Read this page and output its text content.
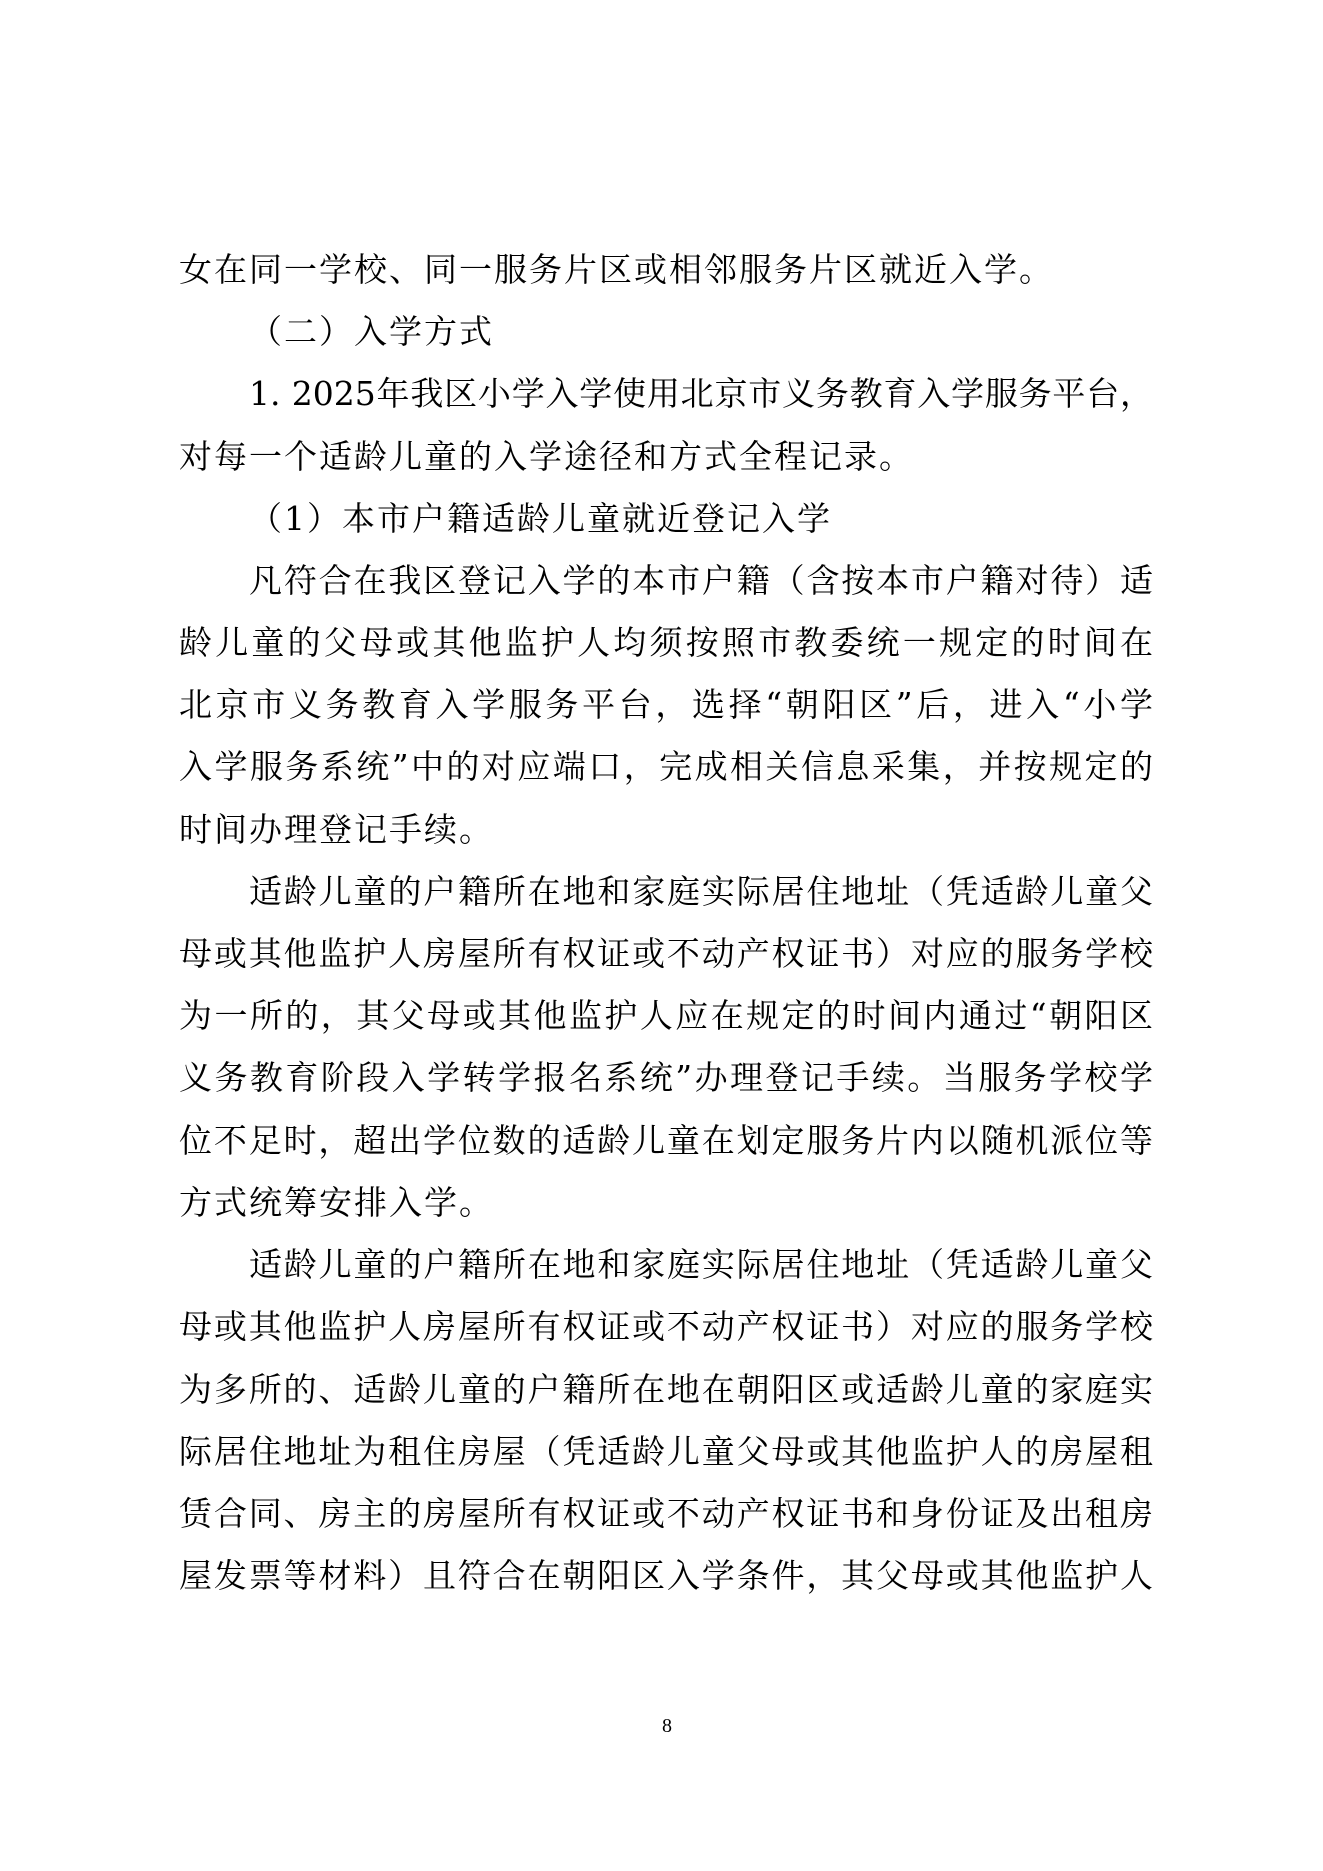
女在同一学校、同一服务片区或相邻服务片区就近入学。
（二）入学方式
1. 2025年我区小学入学使用北京市义务教育入学服务平台，
对每一个适龄儿童的入学途径和方式全程记录。
（1）本市户籍适龄儿童就近登记入学
凡符合在我区登记入学的本市户籍（含按本市户籍对待）适
龄儿童的父母或其他监护人均须按照市教委统一规定的时间在
北京市义务教育入学服务平台，选择“朝阳区”后，进入“小学
入学服务系统”中的对应端口，完成相关信息采集，并按规定的
时间办理登记手续。
适龄儿童的户籍所在地和家庭实际居住地址（凭适龄儿童父
母或其他监护人房屋所有权证或不动产权证书）对应的服务学校
为一所的，其父母或其他监护人应在规定的时间内通过“朝阳区
义务教育阶段入学转学报名系统”办理登记手续。当服务学校学
位不足时，超出学位数的适龄儿童在划定服务片内以随机派位等
方式统筹安排入学。
适龄儿童的户籍所在地和家庭实际居住地址（凭适龄儿童父
母或其他监护人房屋所有权证或不动产权证书）对应的服务学校
为多所的、适龄儿童的户籍所在地在朝阳区或适龄儿童的家庭实
际居住地址为租住房屋（凭适龄儿童父母或其他监护人的房屋租
赁合同、房主的房屋所有权证或不动产权证书和身份证及出租房
屋发票等材料）且符合在朝阳区入学条件，其父母或其他监护人
8
